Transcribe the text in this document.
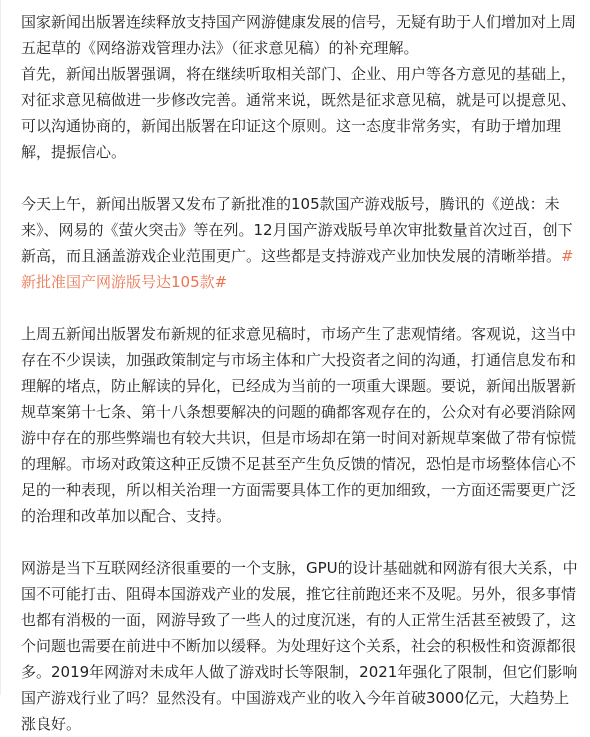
国家新闻出版署连续释放支持国产网游健康发展的信号，无疑有助于人们增加对上周五起草的《网络游戏管理办法》（征求意见稿）的补充理解。
首先，新闻出版署强调，将在继续听取相关部门、企业、用户等各方意见的基础上，对征求意见稿做进一步修改完善。通常来说，既然是征求意见稿，就是可以提意见、可以沟通协商的，新闻出版署在印证这个原则。这一态度非常务实，有助于增加理解，提振信心。
今天上午，新闻出版署又发布了新批准的105款国产游戏版号，腾讯的《逆战：未来》、网易的《萤火突击》等在列。12月国产游戏版号单次审批数量首次过百，创下新高，而且涵盖游戏企业范围更广。这些都是支持游戏产业加快发展的清晰举措。#新批准国产网游版号达105款#
上周五新闻出版署发布新规的征求意见稿时，市场产生了悲观情绪。客观说，这当中存在不少误读，加强政策制定与市场主体和广大投资者之间的沟通，打通信息发布和理解的堵点，防止解读的异化，已经成为当前的一项重大课题。要说，新闻出版署新规草案第十七条、第十八条想要解决的问题的确都客观存在的，公众对有必要消除网游中存在的那些弊端也有较大共识，但是市场却在第一时间对新规草案做了带有惊慌的理解。市场对政策这种正反馈不足甚至产生负反馈的情况，恐怕是市场整体信心不足的一种表现，所以相关治理一方面需要具体工作的更加细致，一方面还需要更广泛的治理和改革加以配合、支持。
网游是当下互联网经济很重要的一个支脉，GPU的设计基础就和网游有很大关系，中国不可能打击、阻碍本国游戏产业的发展，推它往前跑还来不及呢。另外，很多事情也都有消极的一面，网游导致了一些人的过度沉迷，有的人正常生活甚至被毁了，这个问题也需要在前进中不断加以缓释。为处理好这个关系，社会的积极性和资源都很多。2019年网游对未成年人做了游戏时长等限制，2021年强化了限制，但它们影响国产游戏行业了吗？显然没有。中国游戏产业的收入今年首破3000亿元，大趋势上涨良好。
